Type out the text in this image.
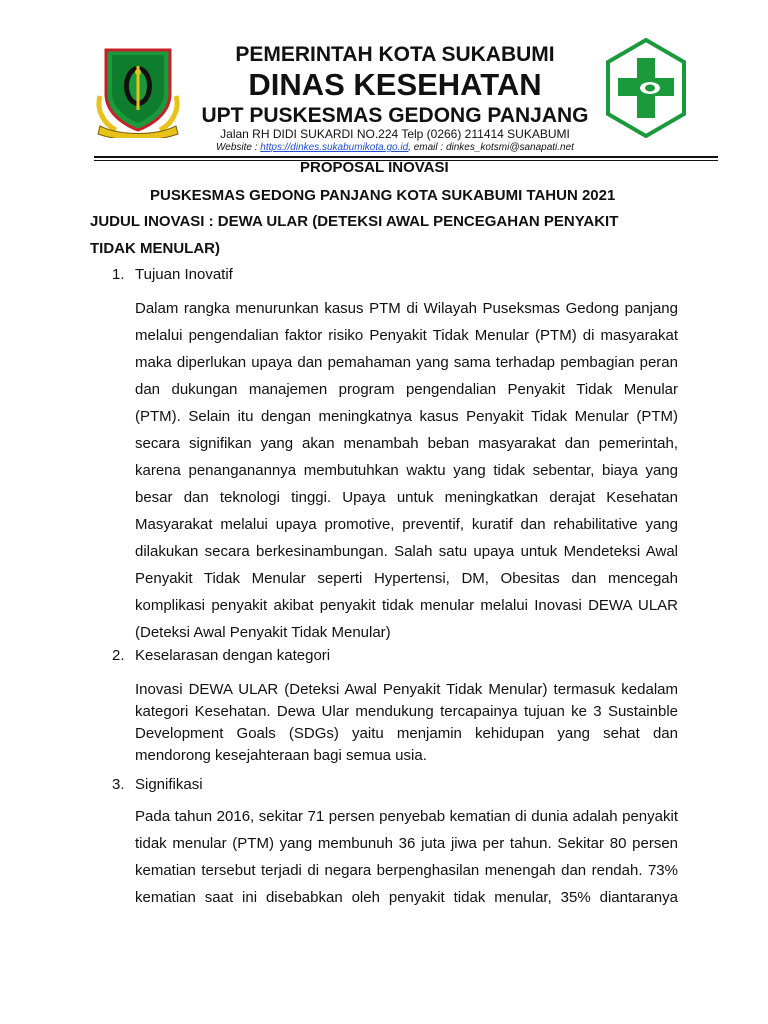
PEMERINTAH KOTA SUKABUMI
DINAS KESEHATAN
UPT PUSKESMAS GEDONG PANJANG
Jalan RH DIDI SUKARDI NO.224 Telp (0266) 211414 SUKABUMI
Website : https://dinkes.sukabumikota.go.id, email : dinkes_kotsmi@sanapati.net
PROPOSAL INOVASI
PUSKESMAS GEDONG PANJANG KOTA SUKABUMI TAHUN 2021
JUDUL INOVASI : DEWA ULAR (DETEKSI AWAL PENCEGAHAN PENYAKIT
TIDAK MENULAR)
1. Tujuan Inovatif
Dalam rangka menurunkan kasus PTM di Wilayah Puseksmas Gedong panjang
melalui pengendalian faktor risiko Penyakit Tidak Menular (PTM) di masyarakat
maka diperlukan upaya dan pemahaman yang sama terhadap pembagian peran
dan dukungan manajemen program pengendalian Penyakit Tidak Menular
(PTM). Selain itu dengan meningkatnya kasus Penyakit Tidak Menular (PTM)
secara signifikan yang akan menambah beban masyarakat dan pemerintah,
karena penanganannya membutuhkan waktu yang tidak sebentar, biaya yang
besar dan teknologi tinggi. Upaya untuk meningkatkan derajat Kesehatan
Masyarakat melalui upaya promotive, preventif, kuratif dan rehabilitative yang
dilakukan secara berkesinambungan. Salah satu upaya untuk Mendeteksi Awal
Penyakit Tidak Menular seperti Hypertensi, DM, Obesitas dan mencegah
komplikasi penyakit akibat penyakit tidak menular melalui Inovasi DEWA ULAR
(Deteksi Awal Penyakit Tidak Menular)
2. Keselarasan dengan kategori
Inovasi DEWA ULAR (Deteksi Awal Penyakit Tidak Menular) termasuk kedalam
kategori Kesehatan. Dewa Ular mendukung tercapainya tujuan ke 3 Sustainble
Development Goals (SDGs) yaitu menjamin kehidupan yang sehat dan
mendorong kesejahteraan bagi semua usia.
3. Signifikasi
Pada tahun 2016, sekitar 71 persen penyebab kematian di dunia adalah penyakit
tidak menular (PTM) yang membunuh 36 juta jiwa per tahun. Sekitar 80 persen
kematian tersebut terjadi di negara berpenghasilan menengah dan rendah. 73%
kematian saat ini disebabkan oleh penyakit tidak menular, 35% diantaranya
